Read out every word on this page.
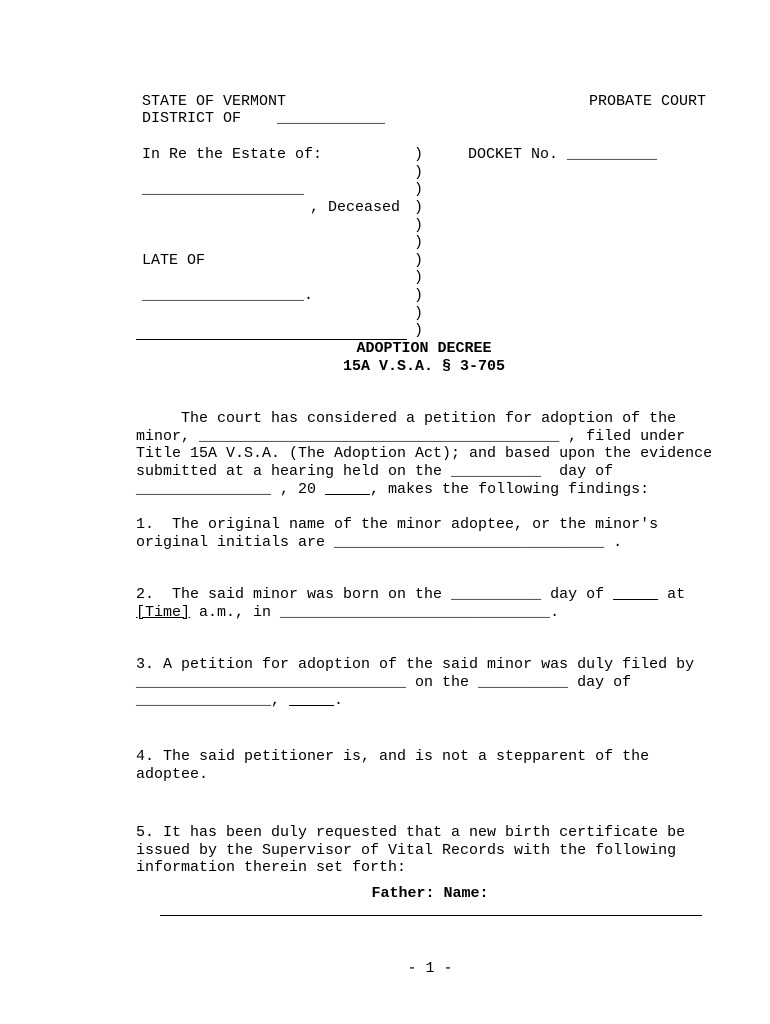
STATE OF VERMONT	PROBATE COURT
DISTRICT OF    ____________
In Re the Estate of:
__________________
, Deceased
LATE OF
__________________.
)
)
)
)
)
)
)
)
)
)
)
DOCKET No. __________
ADOPTION DECREE
15A V.S.A. § 3-705
The court has considered a petition for adoption of the
minor, ________________________________________ , filed under
Title 15A V.S.A. (The Adoption Act); and based upon the evidence
submitted at a hearing held on the __________  day of
_______________ , 20	, makes the following findings:
1.  The original name of the minor adoptee, or the minor's
original initials are ______________________________ .
2.  The said minor was born on the __________ day of	at
[Time] a.m., in ______________________________.
3. A petition for adoption of the said minor was duly filed by
______________________________ on the __________ day of
_______________,	.
4. The said petitioner is, and is not a stepparent of the
adoptee.
5. It has been duly requested that a new birth certificate be
issued by the Supervisor of Vital Records with the following
information therein set forth:
Father: Name:
- 1 -
